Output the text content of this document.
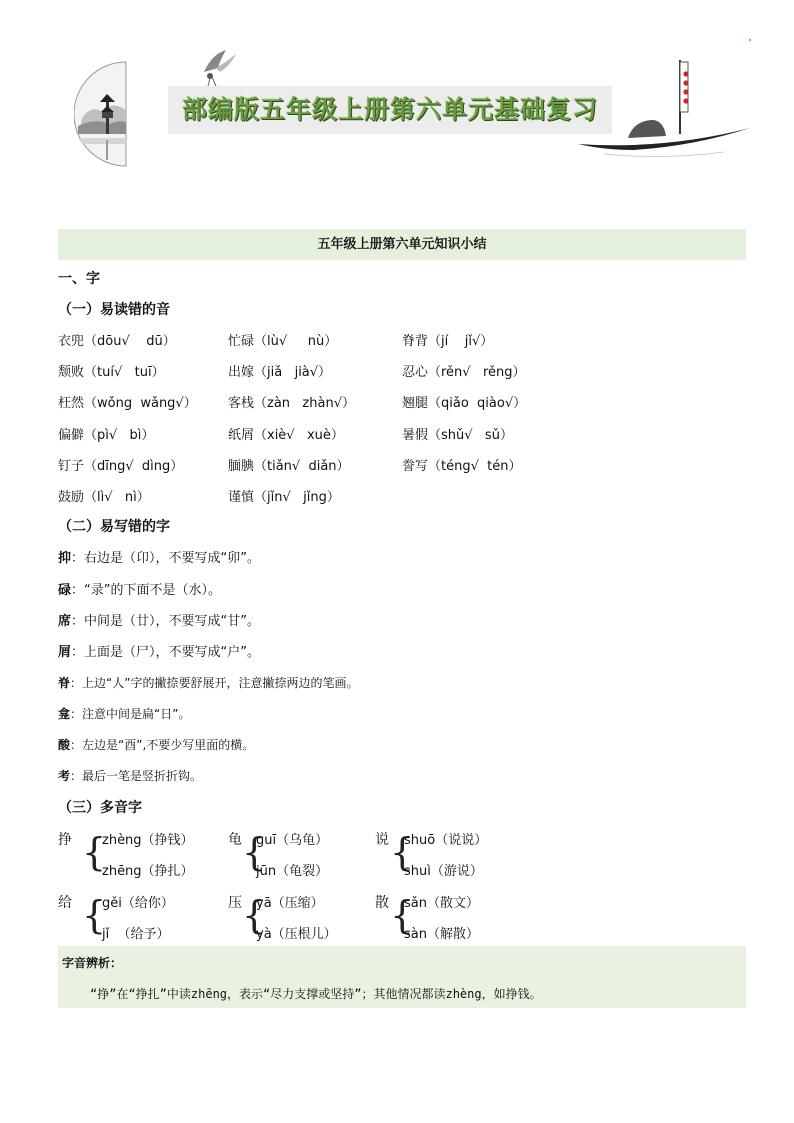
部编版五年级上册第六单元基础复习
五年级上册第六单元知识小结
一、字
（一）易读错的音
衣兜（dōu√    dū）	忙碌（lù√     nù）	脊背（jí    jǐ√）
颓败（tuí√   tuī）	出嫁（jiǎ   jià√）	忍心（rěn√   rěng）
枉然（wǒng  wǎng√） 客栈（zàn   zhàn√）	翘腿（qiǎo  qiào√）
偏僻（pì√   bì）	纸屑（xiè√   xuè）	暑假（shǔ√   sǔ）
钉子（dīng√  dìng）	腼腆（tiǎn√  diǎn）	誊写（téng√  tén）
鼓励（lì√   nì）	谨慎（jǐn√   jǐng）
（二）易写错的字
抑：右边是（卬），不要写成“卯”。
碌：“录”的下面不是（水）。
席：中间是（廿），不要写成“甘”。
屑：上面是（尸），不要写成“户”。
脊：上边“人”字的撇捺要舒展开，注意撇捺两边的笔画。
龛：注意中间是扁“日”。
酸：左边是“酉”,不要少写里面的横。
考：最后一笔是竖折折钩。
（三）多音字
挣 {
zhèng（挣钱）
zhēng（挣扎）
龟 {
guī（乌龟）
jūn（龟裂）
说 {
shuō（说说）
shuì（游说）
给 {
gěi（给你）
jǐ  （给予）
压 {
yā（压缩）
yà（压根儿）
散 {
sǎn（散文）
sàn（解散）
字音辨析：
“挣”在“挣扎”中读zhēng，表示“尽力支撑或坚持”；其他情况都读zhèng，如挣钱。
